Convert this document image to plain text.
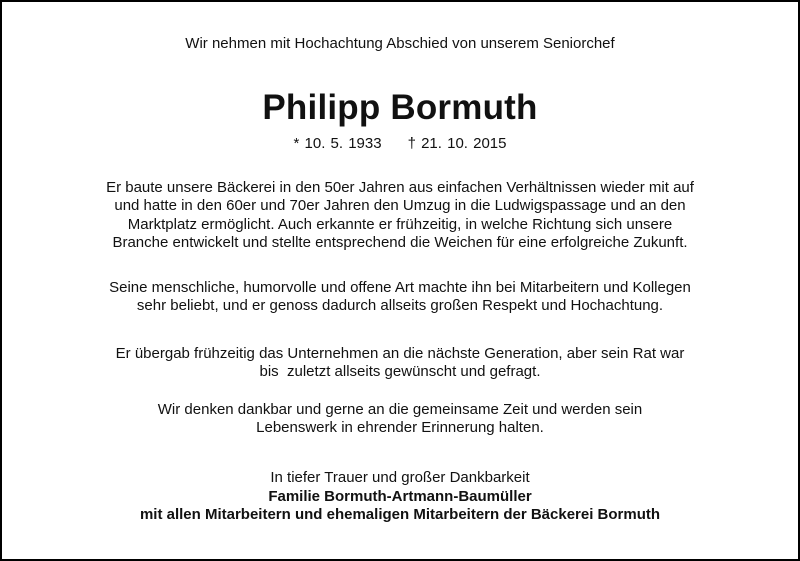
Wir nehmen mit Hochachtung Abschied von unserem Seniorchef
Philipp Bormuth
* 10. 5. 1933 † 21. 10. 2015
Er baute unsere Bäckerei in den 50er Jahren aus einfachen Verhältnissen wieder mit auf
und hatte in den 60er und 70er Jahren den Umzug in die Ludwigspassage und an den
Marktplatz ermöglicht. Auch erkannte er frühzeitig, in welche Richtung sich unsere
Branche entwickelt und stellte entsprechend die Weichen für eine erfolgreiche Zukunft.
Seine menschliche, humorvolle und offene Art machte ihn bei Mitarbeitern und Kollegen
sehr beliebt, und er genoss dadurch allseits großen Respekt und Hochachtung.
Er übergab frühzeitig das Unternehmen an die nächste Generation, aber sein Rat war
bis  zuletzt allseits gewünscht und gefragt.
Wir denken dankbar und gerne an die gemeinsame Zeit und werden sein
Lebenswerk in ehrender Erinnerung halten.
In tiefer Trauer und großer Dankbarkeit
Familie Bormuth-Artmann-Baumüller
mit allen Mitarbeitern und ehemaligen Mitarbeitern der Bäckerei Bormuth
